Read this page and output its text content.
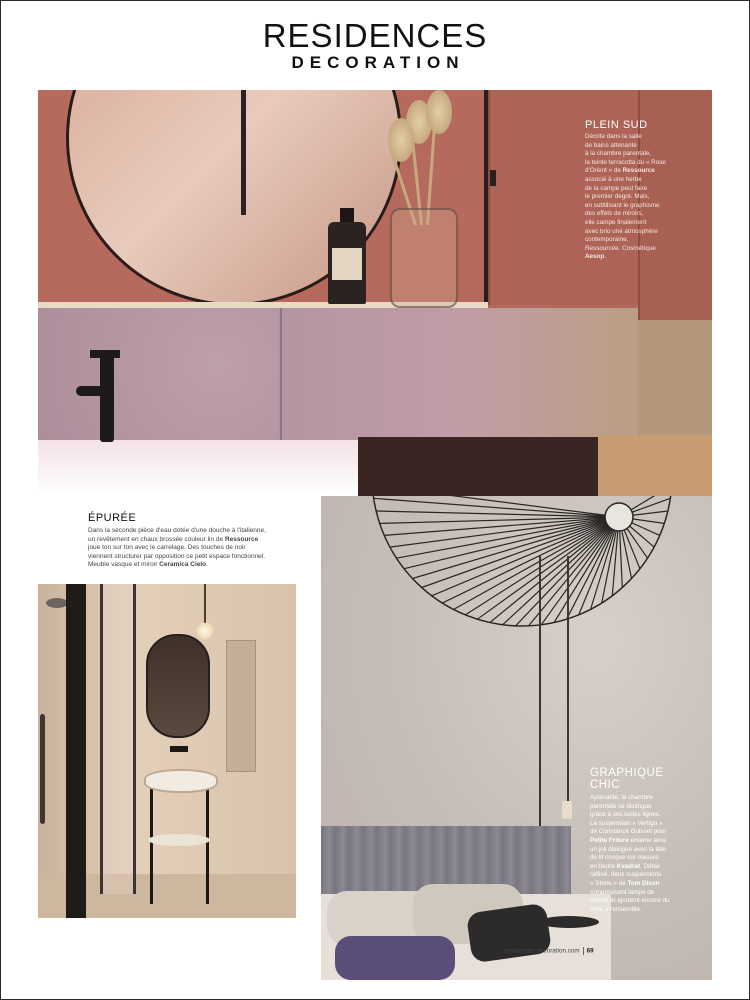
RESIDENCES
DECORATION
PLEIN SUD
Décrite dans la salle
de bains attenante
à la chambre parentale,
la teinte terracotta du « Rose
d'Orient » de Ressource
associé à une herbe
de la campe peut faire
le premier degré. Mais,
en subtilisant le graphisme
des effets de miroirs,
elle campe finalement
avec brio une atmosphère
contemporaine.
Ressourcée. Cosmétique
Aesop.
ÉPURÉE
Dans la seconde pièce d'eau dotée d'une douche à l'italienne,
un revêtement en chaux brossée couleur lin de Ressource
joue ton sur ton avec le carrelage. Des touches de noir
viennent structurer par opposition ce petit espace fonctionnel.
Meuble vasque et miroir Ceramica Cielo.
GRAPHIQUE
CHIC
Apaisante, la chambre
parentale se distingue
grâce à ses belles lignes.
La suspension « Vertigo »
de Constance Guisset pour
Petite Friture entame ainsi
un joli dialogue avec la tête
de lit conçue sur mesure
en feutre Kvadrat. Détail
raffiné, deux suspensions
« Stone » de Tom Dixon
s'improvisent lampe de
chevet et ajoutent encore du
style à l'ensemble.
residences-decoration.com 69
